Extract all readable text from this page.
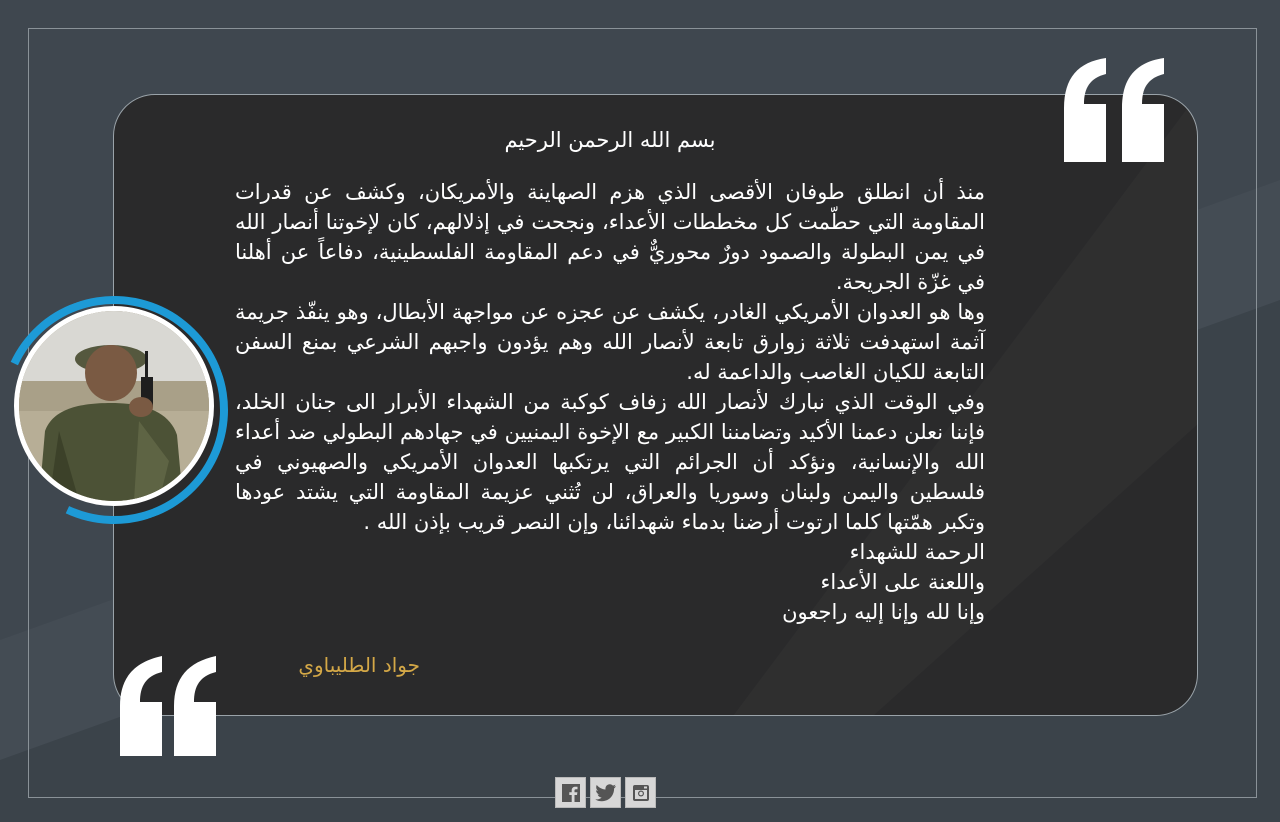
بسم الله الرحمن الرحيم

منذ أن انطلق طوفان الأقصى الذي هزم الصهاينة والأمريكان، وكشف عن قدرات المقاومة التي حطّمت كل مخططات الأعداء، ونجحت في إذلالهم، كان لإخوتنا أنصار الله في يمن البطولة والصمود دورٌ محوريٌّ في دعم المقاومة الفلسطينية، دفاعاً عن أهلنا في غزّة الجريحة.

وها هو العدوان الأمريكي الغادر، يكشف عن عجزه عن مواجهة الأبطال، وهو ينفّذ جريمة آثمة استهدفت ثلاثة زوارق تابعة لأنصار الله وهم يؤدون واجبهم الشرعي بمنع السفن التابعة للكيان الغاصب والداعمة له.

وفي الوقت الذي نبارك لأنصار الله زفاف كوكبة من الشهداء الأبرار الى جنان الخلد، فإننا نعلن دعمنا الأكيد وتضامننا الكبير مع الإخوة اليمنيين في جهادهم البطولي ضد أعداء الله والإنسانية، ونؤكد أن الجرائم التي يرتكبها العدوان الأمريكي والصهيوني في فلسطين واليمن ولبنان وسوريا والعراق، لن تُثني عزيمة المقاومة التي يشتد عودها وتكبر همّتها كلما ارتوت أرضنا بدماء شهدائنا، وإن النصر قريب بإذن الله .

الرحمة للشهداء

واللعنة على الأعداء

وإنا لله وإنا إليه راجعون

جواد الطليباوي
